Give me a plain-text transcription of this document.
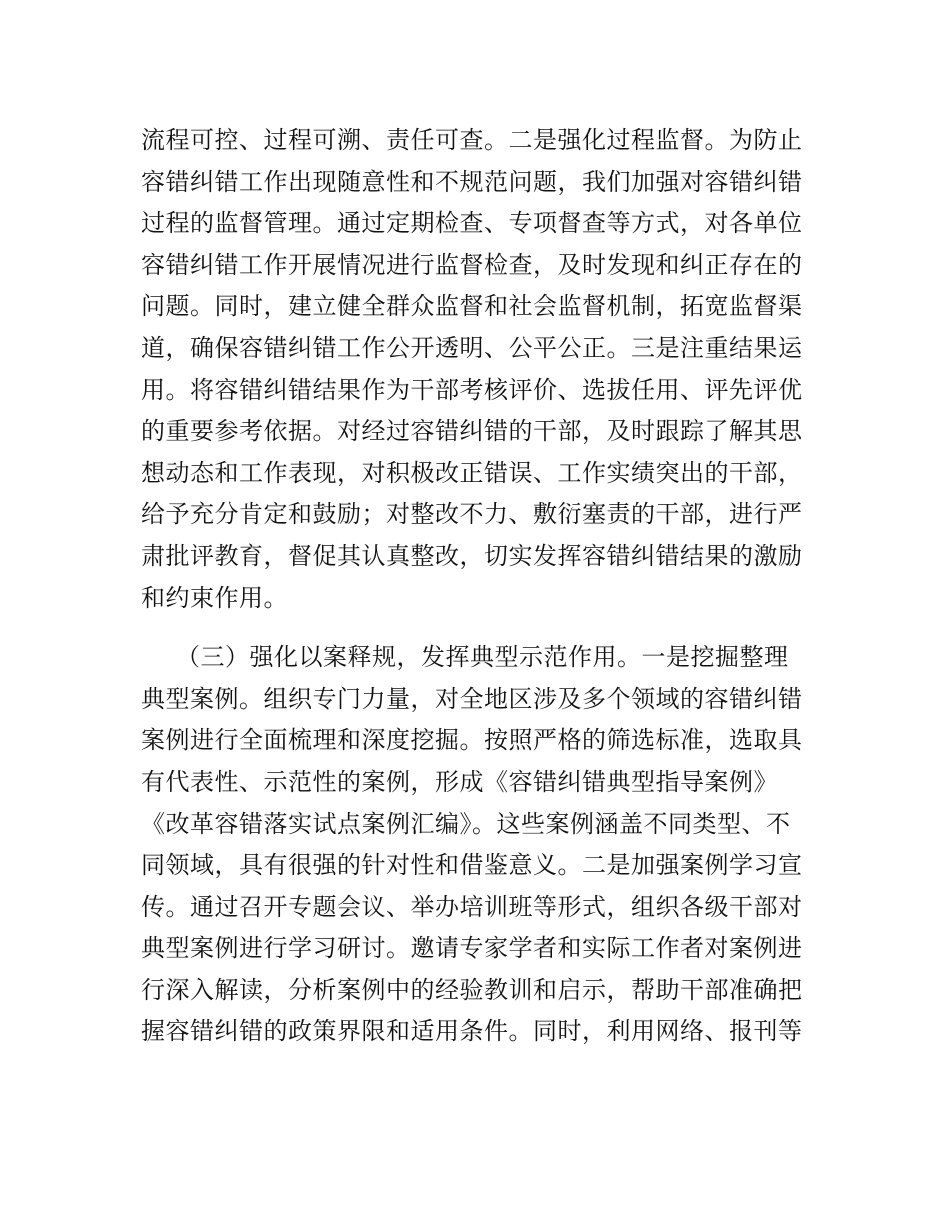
流程可控、过程可溯、责任可查。二是强化过程监督。为防止
容错纠错工作出现随意性和不规范问题，我们加强对容错纠错
过程的监督管理。通过定期检查、专项督查等方式，对各单位
容错纠错工作开展情况进行监督检查，及时发现和纠正存在的
问题。同时，建立健全群众监督和社会监督机制，拓宽监督渠
道，确保容错纠错工作公开透明、公平公正。三是注重结果运
用。将容错纠错结果作为干部考核评价、选拔任用、评先评优
的重要参考依据。对经过容错纠错的干部，及时跟踪了解其思
想动态和工作表现，对积极改正错误、工作实绩突出的干部，
给予充分肯定和鼓励；对整改不力、敷衍塞责的干部，进行严
肃批评教育，督促其认真整改，切实发挥容错纠错结果的激励
和约束作用。
（三）强化以案释规，发挥典型示范作用。一是挖掘整理
典型案例。组织专门力量，对全地区涉及多个领域的容错纠错
案例进行全面梳理和深度挖掘。按照严格的筛选标准，选取具
有代表性、示范性的案例，形成《容错纠错典型指导案例》
《改革容错落实试点案例汇编》。这些案例涵盖不同类型、不
同领域，具有很强的针对性和借鉴意义。二是加强案例学习宣
传。通过召开专题会议、举办培训班等形式，组织各级干部对
典型案例进行学习研讨。邀请专家学者和实际工作者对案例进
行深入解读，分析案例中的经验教训和启示，帮助干部准确把
握容错纠错的政策界限和适用条件。同时，利用网络、报刊等
